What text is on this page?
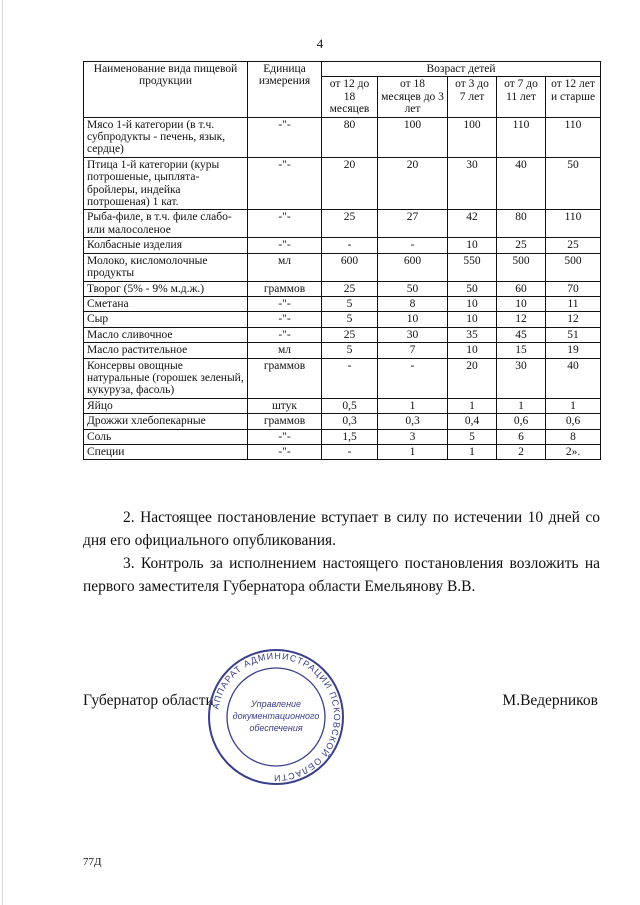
4
Наименование вида пищевой продукции	Единица измерения	Возраст детей				
		от 12 до 18 месяцев	от 18 месяцев до 3 лет	от 3 до 7 лет	от 7 до 11 лет	от 12 лет и старше
Мясо 1-й категории (в т.ч. субпродукты - печень, язык, сердце)	-"-	80	100	100	110	110
Птица 1-й категории (куры потрошеные, цыплята-бройлеры, индейка потрошеная) 1 кат.	-"-	20	20	30	40	50
Рыба-филе, в т.ч. филе слабо- или малосоленое	-"-	25	27	42	80	110
Колбасные изделия	-"-	-	-	10	25	25
Молоко, кисломолочные продукты	мл	600	600	550	500	500
Творог (5% - 9% м.д.ж.)	граммов	25	50	50	60	70
Сметана	-"-	5	8	10	10	11
Сыр	-"-	5	10	10	12	12
Масло сливочное	-"-	25	30	35	45	51
Масло растительное	мл	5	7	10	15	19
Консервы овощные натуральные (горошек зеленый, кукуруза, фасоль)	граммов	-	-	20	30	40
Яйцо	штук	0,5	1	1	1	1
Дрожжи хлебопекарные	граммов	0,3	0,3	0,4	0,6	0,6
Соль	-"-	1,5	3	5	6	8
Специи	-"-	-	1	1	2	2».
2. Настоящее постановление вступает в силу по истечении 10 дней со дня его официального опубликования.
3. Контроль за исполнением настоящего постановления возложить на первого заместителя Губернатора области Емельянову В.В.
Губернатор области	М.Ведерников
АППАРАТ АДМИНИСТРАЦИИ ПСКОВСКОЙ ОБЛАСТИ
Управление
документационного
обеспечения
77Д
